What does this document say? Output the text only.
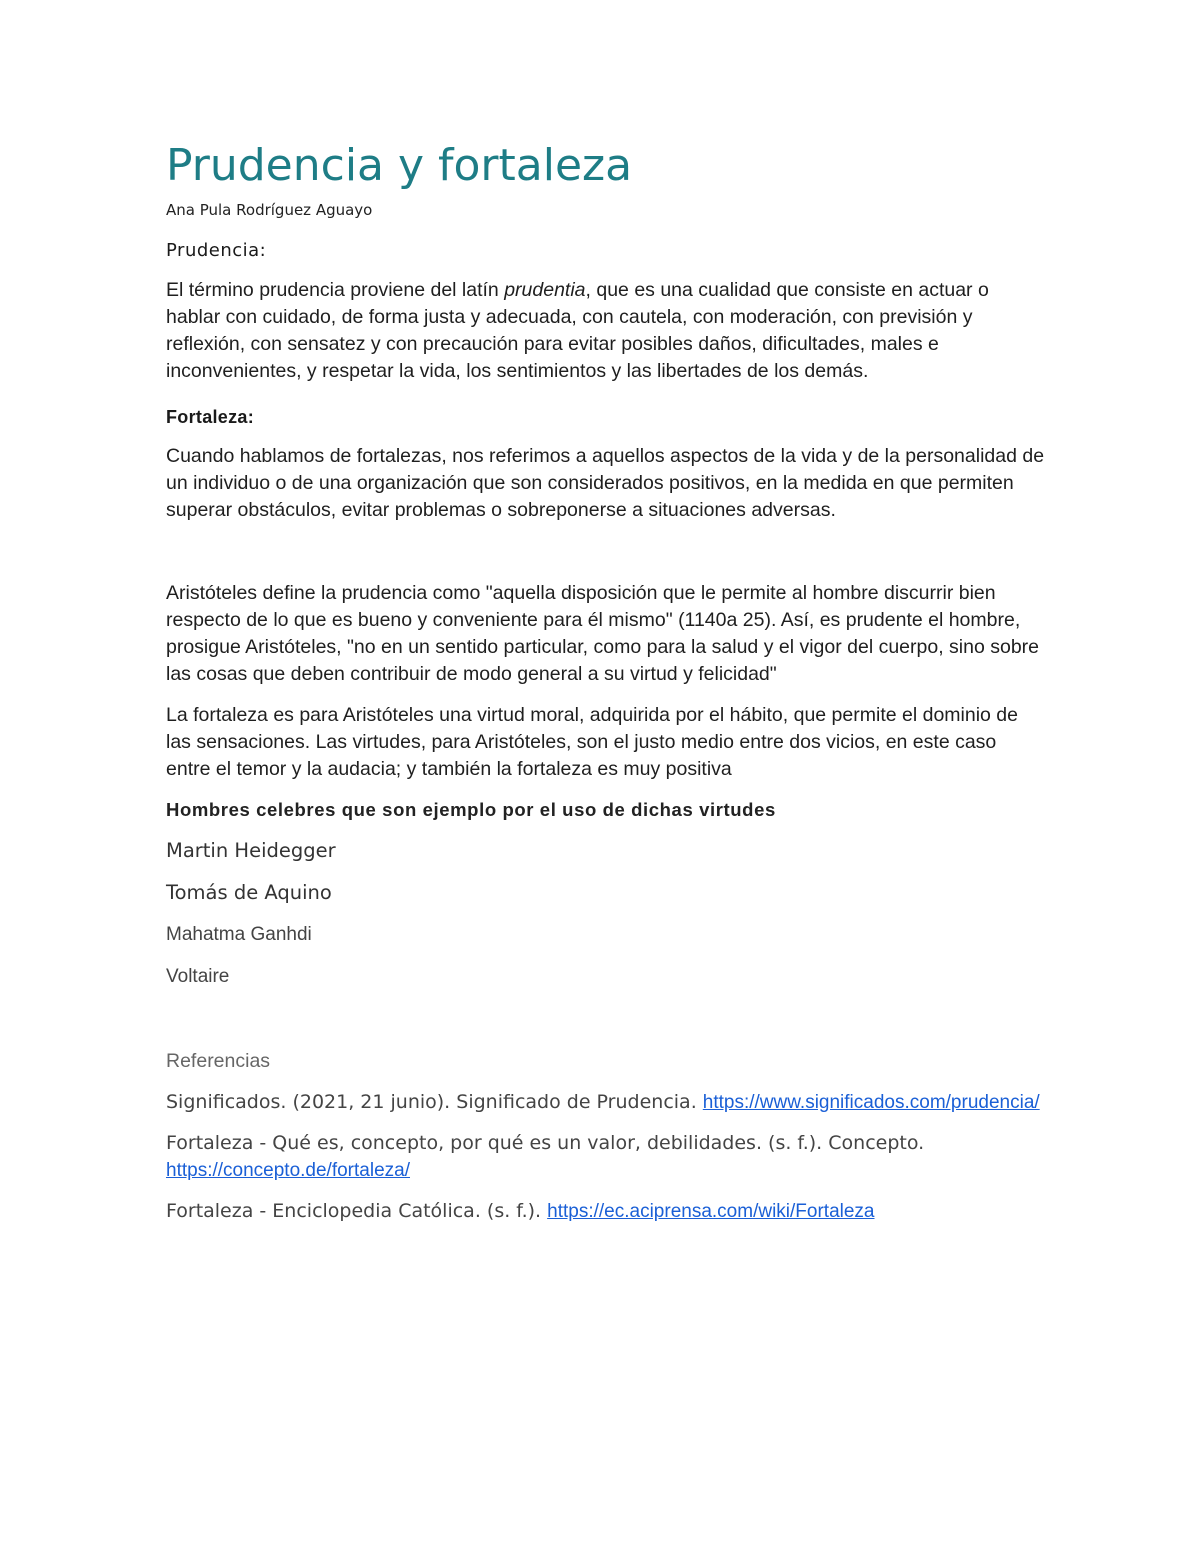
Prudencia y fortaleza
Ana Pula Rodríguez Aguayo
Prudencia:

El término prudencia proviene del latín prudentia, que es una cualidad que consiste en actuar o hablar con cuidado, de forma justa y adecuada, con cautela, con moderación, con previsión y reflexión, con sensatez y con precaución para evitar posibles daños, dificultades, males e inconvenientes, y respetar la vida, los sentimientos y las libertades de los demás.

Fortaleza:

Cuando hablamos de fortalezas, nos referimos a aquellos aspectos de la vida y de la personalidad de un individuo o de una organización que son considerados positivos, en la medida en que permiten superar obstáculos, evitar problemas o sobreponerse a situaciones adversas.

Aristóteles define la prudencia como "aquella disposición que le permite al hombre discurrir bien respecto de lo que es bueno y conveniente para él mismo" (1140a 25). Así, es prudente el hombre, prosigue Aristóteles, "no en un sentido particular, como para la salud y el vigor del cuerpo, sino sobre las cosas que deben contribuir de modo general a su virtud y felicidad"

La fortaleza es para Aristóteles una virtud moral, adquirida por el hábito, que permite el dominio de las sensaciones. Las virtudes, para Aristóteles, son el justo medio entre dos vicios, en este caso entre el temor y la audacia; y también la fortaleza es muy positiva

Hombres celebres que son ejemplo por el uso de dichas virtudes
Martin Heidegger
Tomás de Aquino
Mahatma Ganhdi
Voltaire
Referencias
Significados. (2021, 21 junio). Significado de Prudencia. https://www.significados.com/prudencia/
Fortaleza - Qué es, concepto, por qué es un valor, debilidades. (s. f.). Concepto. https://concepto.de/fortaleza/
Fortaleza - Enciclopedia Católica. (s. f.). https://ec.aciprensa.com/wiki/Fortaleza
